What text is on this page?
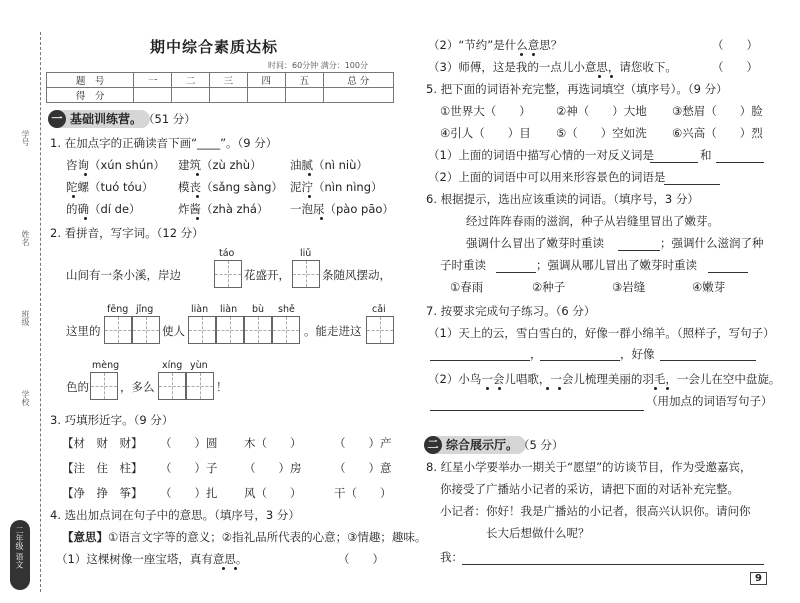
学号
姓名
班级
学校
二年级 语文
期中综合素质达标
时间：60分钟 满分：100分
题　号	一	二	三	四	五	总 分
得　分						
一 基础训练营。 （51 分）
1. 在加点字的正确读音下画“____”。（9 分）
咨询（xún shún） 建筑（zù zhù） 油腻（nì niù）
陀螺（tuó tóu） 模丧（sǎng sàng） 泥泞（nìn nìng）
的确（dí de）	炸酱（zhà zhá） 一泡尿（pào pāo）
2. 看拼音，写字词。（12 分）
táo	liǔ
山间有一条小溪，岸边	花盛开，	条随风摆动，
fēng jǐng	liàn liàn bù shě	cǎi
这里的	使人	。能走进这
mèng	xíng yùn
色的	，多么	！
3. 巧填形近字。（9 分）
【材　财　财】 （　　）圆 木（　　）	（　　）产
【注　住　柱】 （　　）子 （　　）房	（　　）意
【净　挣　筝】 （　　）扎 风（　　）	干（　　）
4. 选出加点词在句子中的意思。（填序号，3 分）
【意思】①语言文字等的意义；②指礼品所代表的心意；③情趣；趣味。
（1）这棵树像一座宝塔，真有意思。	（　　）
（2）“节约”是什么意思？	（　　）
（3）师傅，这是我的一点儿小意思，请您收下。	（　　）
5. 把下面的词语补充完整，再选词填空（填序号）。（9 分）
①世界大（　　） ②神（　　）大地 ③愁眉（　　）脸
④引人（　　）目 ⑤（　　）空如洗 ⑥兴高（　　）烈
（1）上面的词语中描写心情的一对反义词是	和
（2）上面的词语中可以用来形容景色的词语是
6. 根据提示，选出应该重读的词语。（填序号，3 分）
经过阵阵春雨的滋润，种子从岩缝里冒出了嫩芽。
强调什么冒出了嫩芽时重读	；强调什么滋润了种
子时重读	；强调从哪儿冒出了嫩芽时重读
①春雨	②种子	③岩缝	④嫩芽
7. 按要求完成句子练习。（6 分）
（1）天上的云，雪白雪白的，好像一群小绵羊。（照样子，写句子）
，	，好像
（2）小鸟一会儿唱歌，一会儿梳理美丽的羽毛，一会儿在空中盘旋。
（用加点的词语写句子）
二 综合展示厅。 （5 分）
8. 红星小学要举办一期关于“愿望”的访谈节目，作为受邀嘉宾，
你接受了广播站小记者的采访，请把下面的对话补充完整。
小记者：你好！我是广播站的小记者，很高兴认识你。请问你
长大后想做什么呢？
我：
9
